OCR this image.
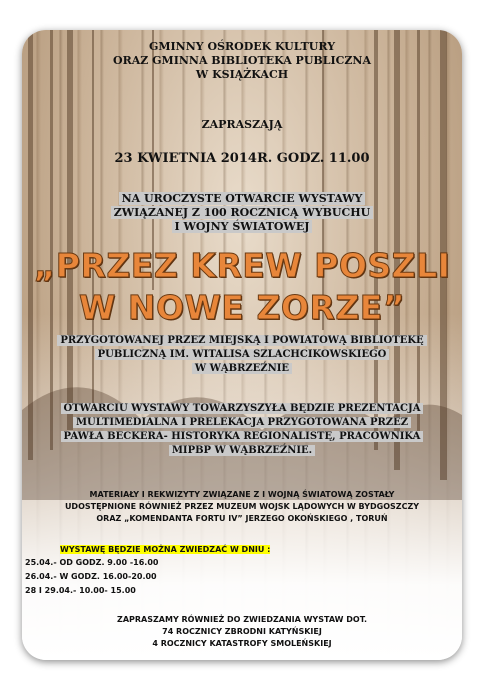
GMINNY OŚRODEK KULTURY
ORAZ GMINNA BIBLIOTEKA PUBLICZNA
W KSIĄŻKACH
ZAPRASZAJĄ
23 KWIETNIA 2014R. GODZ. 11.00
NA UROCZYSTE OTWARCIE WYSTAWY
ZWIĄZANEJ Z 100 ROCZNICĄ WYBUCHU
I WOJNY ŚWIATOWEJ
„PRZEZ KREW POSZLI
W NOWE ZORZE”
PRZYGOTOWANEJ PRZEZ MIEJSKĄ I POWIATOWĄ BIBLIOTEKĘ
PUBLICZNĄ IM. WITALISA SZLACHCIKOWSKIEGO
W WĄBRZEŹNIE
OTWARCIU WYSTAWY TOWARZYSZYŁA BĘDZIE PREZENTACJA
MULTIMEDIALNA I PRELEKACJA PRZYGOTOWANA PRZEZ
PAWŁA BECKERA- HISTORYKA REGIONALISTĘ, PRACOWNIKA
MIPBP W WĄBRZEŹNIE.
MATERIAŁY I REKWIZYTY ZWIĄZANE Z I WOJNĄ ŚWIATOWĄ ZOSTAŁY
UDOSTĘPNIONE RÓWNIEŻ PRZEZ MUZEUM WOJSK LĄDOWYCH W BYDGOSZCZY
ORAZ „KOMENDANTA FORTU IV” JERZEGO OKOŃSKIEGO , TORUŃ
WYSTAWĘ BĘDZIE MOŻNA ZWIEDZAĆ W DNIU :
25.04.- OD GODZ. 9.00 -16.00
26.04.- W GODZ. 16.00-20.00
28 I 29.04.- 10.00- 15.00
ZAPRASZAMY RÓWNIEŻ DO ZWIEDZANIA WYSTAW DOT.
74 ROCZNICY ZBRODNI KATYŃSKIEJ
4 ROCZNICY KATASTROFY SMOLEŃSKIEJ
